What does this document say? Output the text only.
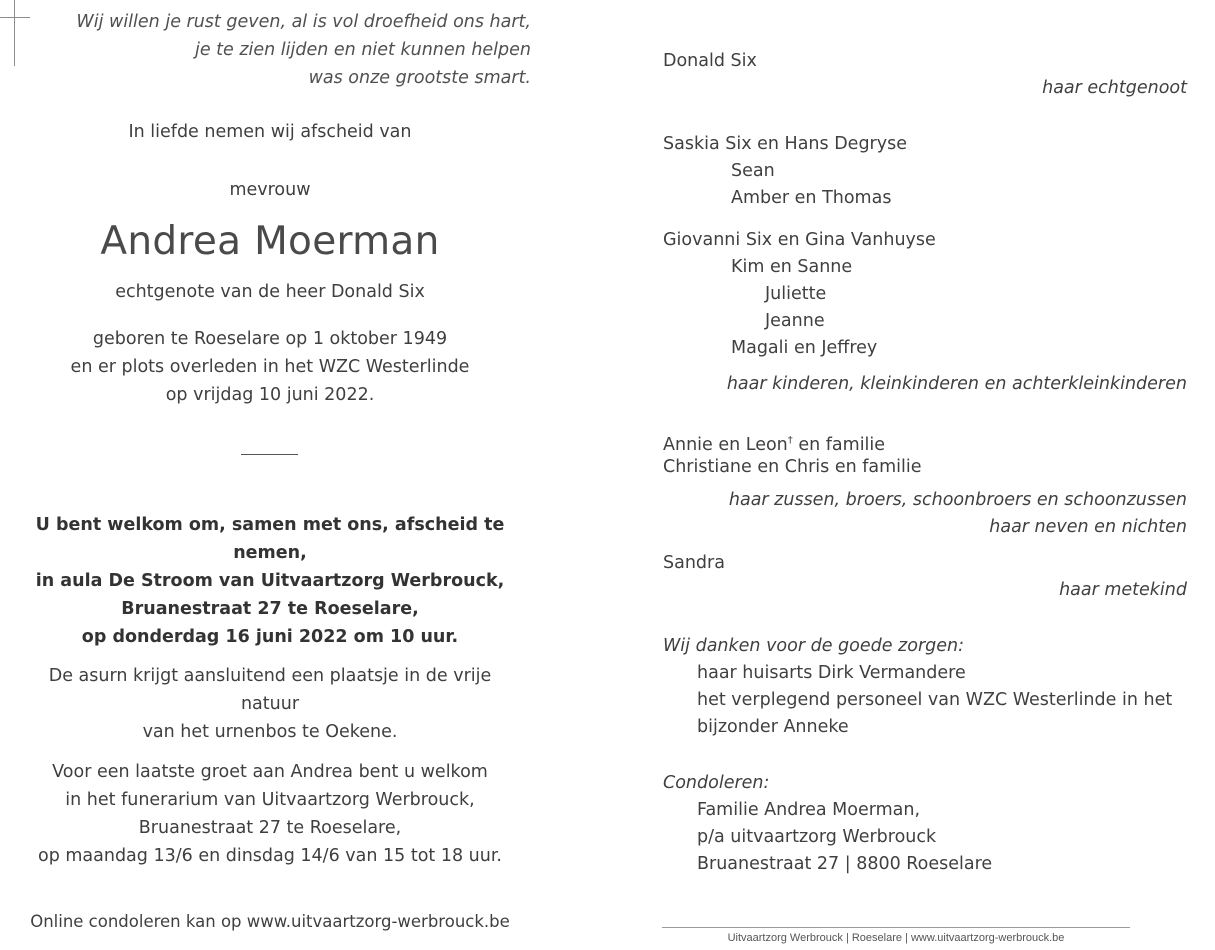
Wij willen je rust geven, al is vol droefheid ons hart,
je te zien lijden en niet kunnen helpen
was onze grootste smart.
In liefde nemen wij afscheid van
mevrouw
Andrea Moerman
echtgenote van de heer Donald Six
geboren te Roeselare op 1 oktober 1949
en er plots overleden in het WZC Westerlinde
op vrijdag 10 juni 2022.
U bent welkom om, samen met ons, afscheid te nemen,
in aula De Stroom van Uitvaartzorg Werbrouck,
Bruanestraat 27 te Roeselare,
op donderdag 16 juni 2022 om 10 uur.
De asurn krijgt aansluitend een plaatsje in de vrije natuur
van het urnenbos te Oekene.
Voor een laatste groet aan Andrea bent u welkom
in het funerarium van Uitvaartzorg Werbrouck,
Bruanestraat 27 te Roeselare,
op maandag 13/6 en dinsdag 14/6 van 15 tot 18 uur.
Online condoleren kan op www.uitvaartzorg-werbrouck.be
Donald Six
haar echtgenoot
Saskia Six en Hans Degryse
Sean
Amber en Thomas
Giovanni Six en Gina Vanhuyse
Kim en Sanne
Juliette
Jeanne
Magali en Jeffrey
haar kinderen, kleinkinderen en achterkleinkinderen
Annie en Leon† en familie
Christiane en Chris en familie
haar zussen, broers, schoonbroers en schoonzussen
haar neven en nichten
Sandra
haar metekind
Wij danken voor de goede zorgen:
haar huisarts Dirk Vermandere
het verplegend personeel van WZC Westerlinde in het
bijzonder Anneke
Condoleren:
Familie Andrea Moerman,
p/a uitvaartzorg Werbrouck
Bruanestraat 27 | 8800 Roeselare
Uitvaartzorg Werbrouck | Roeselare | www.uitvaartzorg-werbrouck.be
